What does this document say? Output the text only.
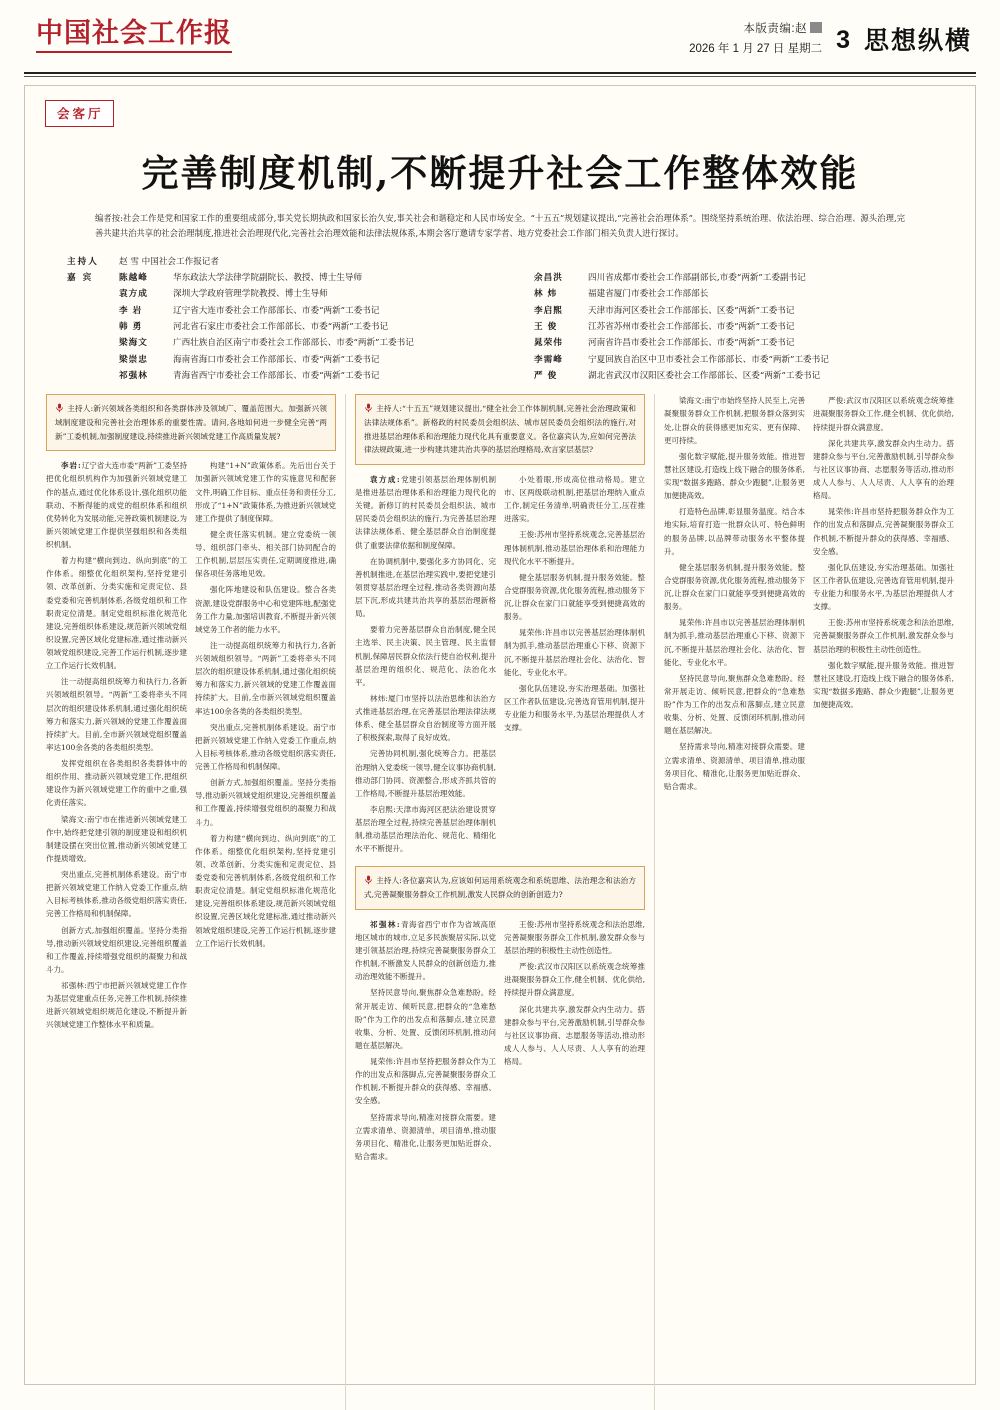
中国社会工作报	本版责编:赵
2026 年 1 月 27 日 星期二 3 思想纵横
会客厅
完善制度机制,不断提升社会工作整体效能
编者按:社会工作是党和国家工作的重要组成部分,事关党长期执政和国家长治久安,事关社会和谐稳定和人民市场安全。“十五五”规划建议提出,“完善社会治理体系”。围绕坚持系统治理、依法治理、综合治理、源头治理,完善共建共治共享的社会治理制度,推进社会治理现代化,完善社会治理效能和法律法规体系,本期会客厅邀请专家学者、地方党委社会工作部门相关负责人进行探讨。
主持人	赵 雪 中国社会工作报记者
嘉 宾	陈越峰	华东政法大学法律学院副院长、教授、博士生导师
袁方成	深圳大学政府管理学院教授、博士生导师
李 岩	辽宁省大连市委社会工作部部长、市委“两新”工委书记
韩 勇	河北省石家庄市委社会工作部部长、市委“两新”工委书记
梁海文	广西壮族自治区南宁市委社会工作部部长、市委“两新”工委书记
梁崇忠	海南省海口市委社会工作部部长、市委“两新”工委书记
祁强林	青海省西宁市委社会工作部部长、市委“两新”工委书记
余昌洪	四川省成都市委社会工作部副部长,市委“两新”工委副书记
林 炜	福建省厦门市委社会工作部部长
李启煕	天津市海河区委社会工作部部长、区委“两新”工委书记
王 俊	江苏省苏州市委社会工作部部长、市委“两新”工委书记
晁荣伟	河南省许昌市委社会工作部部长、市委“两新”工委书记
李需峰	宁夏回族自治区中卫市委社会工作部部长、市委“两新”工委书记
严 俊	湖北省武汉市汉阳区委社会工作部部长、区委“两新”工委书记
主持人:新兴领域各类组织和各类群体涉及领域广、覆盖范围大。加强新兴领域制度建设和完善社会治理体系的重要性需。请问,各地如何进一步健全完善“两新”工委机制,加强制度建设,持续推进新兴领域党建工作高质量发展?

李岩:辽宁省大连市委“两新”工委坚持把优化组织机构作为加强新兴领域党建工作的基点,通过优化体系设计,强化组织功能联动、不断得能的成党的组织体系和组织优势转化为发展动能,完善政策机制建设,为新兴领域党建工作提供坚强组织和各类组织机制。

着力构建“横向到边、纵向到底”的工作体系。细整优化组织架构,坚持党建引领、改革创新、分类实施和定责定位、县委党委和完善机制体系,各级党组织和工作职责定位清楚。制定党组织标准化规范化建设,完善组织体系建设,规范新兴领域党组织设置,完善区域化党建标准,通过推动新兴领域党组织建设,完善工作运行机制,逐步建立工作运行长效机制。

注一动提高组织统筹力和执行力,各新兴领域组织领导。“两新”工委将牵头不同层次的组织建设体系机制,通过强化组织统筹力和落实力,新兴领域的党建工作覆盖面持续扩大。目前,全市新兴领域党组织覆盖率达100余各类的各类组织类型。

发挥党组织在各类组织各类群体中的组织作用、推动新兴领域党建工作,把组织建设作为新兴领域党建工作的重中之重,强化责任落实。

梁海文:南宁市在推进新兴领域党建工作中,始终把党建引领的制度建设和组织机制建设摆在突出位置,推动新兴领域党建工作提质增效。

突出重点,完善机制体系建设。南宁市把新兴领域党建工作纳入党委工作重点,纳入目标考核体系,推动各级党组织落实责任,完善工作格局和机制保障。

创新方式,加强组织覆盖。坚持分类指导,推动新兴领域党组织建设,完善组织覆盖和工作覆盖,持续增强党组织的凝聚力和战斗力。

祁强林:西宁市把新兴领域党建工作作为基层党建重点任务,完善工作机制,持续推进新兴领域党组织规范化建设,不断提升新兴领域党建工作整体水平和质量。

构建“1+N”政策体系。先后出台关于加强新兴领域党建工作的实施意见和配套文件,明确工作目标、重点任务和责任分工,形成了“1+N”政策体系,为推进新兴领域党建工作提供了制度保障。

健全责任落实机制。建立党委统一领导、组织部门牵头、相关部门协同配合的工作机制,层层压实责任,定期调度推进,确保各项任务落地见效。

强化阵地建设和队伍建设。整合各类资源,建设党群服务中心和党建阵地,配强党务工作力量,加强培训教育,不断提升新兴领域党务工作者的能力水平。

注一动提高组织统筹力和执行力,各新兴领域组织领导。“两新”工委将牵头不同层次的组织建设体系机制,通过强化组织统筹力和落实力,新兴领域的党建工作覆盖面持续扩大。目前,全市新兴领域党组织覆盖率达100余各类的各类组织类型。

突出重点,完善机制体系建设。南宁市把新兴领域党建工作纳入党委工作重点,纳入目标考核体系,推动各级党组织落实责任,完善工作格局和机制保障。

创新方式,加强组织覆盖。坚持分类指导,推动新兴领域党组织建设,完善组织覆盖和工作覆盖,持续增强党组织的凝聚力和战斗力。

着力构建“横向到边、纵向到底”的工作体系。细整优化组织架构,坚持党建引领、改革创新、分类实施和定责定位、县委党委和完善机制体系,各级党组织和工作职责定位清楚。制定党组织标准化规范化建设,完善组织体系建设,规范新兴领域党组织设置,完善区域化党建标准,通过推动新兴领域党组织建设,完善工作运行机制,逐步建立工作运行长效机制。

主持人:“十五五”规划建议提出,“健全社会工作体制机制,完善社会治理政策和法律法规体系”。新格政的村民委员会组织法、城市居民委员会组织法的施行,对推进基层治理体系和治理能力现代化具有重要意义。各位嘉宾认为,应如何完善法律法规政策,进一步构建共建共治共享的基层治理格局,欢言家层基层?

袁方成:党建引领基层治理体制机制是推进基层治理体系和治理能力现代化的关键。新修订的村民委员会组织法、城市居民委员会组织法的施行,为完善基层治理法律法规体系、健全基层群众自治制度提供了重要法律依据和制度保障。

在协调机制中,要强化多方协同化、完善机制推进,在基层治理实践中,要把党建引领贯穿基层治理全过程,推动各类资源向基层下沉,形成共建共治共享的基层治理新格局。

要着力完善基层群众自治制度,健全民主选举、民主决策、民主管理、民主监督机制,保障居民群众依法行使自治权利,提升基层治理的组织化、规范化、法治化水平。

林炜:厦门市坚持以法治思维和法治方式推进基层治理,在完善基层治理法律法规体系、健全基层群众自治制度等方面开展了积极探索,取得了良好成效。

完善协同机制,强化统筹合力。把基层治理纳入党委统一领导,健全议事协商机制,推动部门协同、资源整合,形成齐抓共管的工作格局,不断提升基层治理效能。

李启煕:天津市海河区把法治建设贯穿基层治理全过程,持续完善基层治理体制机制,推动基层治理法治化、规范化、精细化水平不断提升。

小处着眼,形成高位推动格局。建立市、区两级联动机制,把基层治理纳入重点工作,制定任务清单,明确责任分工,压茬推进落实。

王俊:苏州市坚持系统观念,完善基层治理体制机制,推动基层治理体系和治理能力现代化水平不断提升。

健全基层服务机制,提升服务效能。整合党群服务资源,优化服务流程,推动服务下沉,让群众在家门口就能享受到便捷高效的服务。

晁荣伟:许昌市以完善基层治理体制机制为抓手,推动基层治理重心下移、资源下沉,不断提升基层治理社会化、法治化、智能化、专业化水平。

强化队伍建设,夯实治理基础。加强社区工作者队伍建设,完善选育管用机制,提升专业能力和服务水平,为基层治理提供人才支撑。

主持人:各位嘉宾认为,应该如何运用系统观念和系统思维、法治理念和法治方式,完善凝聚服务群众工作机制,激发人民群众的创新创造力?

祁强林:青海省西宁市作为省域高原地区城市的城市,立足多民族聚居实际,以党建引领基层治理,持续完善凝聚服务群众工作机制,不断激发人民群众的创新创造力,推动治理效能不断提升。

坚持民意导向,聚焦群众急难愁盼。经常开展走访、倾听民意,把群众的“急难愁盼”作为工作的出发点和落脚点,建立民意收集、分析、处置、反馈闭环机制,推动问题在基层解决。

晁荣伟:许昌市坚持把服务群众作为工作的出发点和落脚点,完善凝聚服务群众工作机制,不断提升群众的获得感、幸福感、安全感。

坚持需求导向,精准对接群众需要。建立需求清单、资源清单、项目清单,推动服务项目化、精准化,让服务更加贴近群众、贴合需求。

王俊:苏州市坚持系统观念和法治思维,完善凝聚服务群众工作机制,激发群众参与基层治理的积极性主动性创造性。

严俊:武汉市汉阳区以系统观念统筹推进凝聚服务群众工作,健全机制、优化供给,持续提升群众满意度。

深化共建共享,激发群众内生动力。搭建群众参与平台,完善激励机制,引导群众参与社区议事协商、志愿服务等活动,推动形成人人参与、人人尽责、人人享有的治理格局。

梁海文:南宁市始终坚持人民至上,完善凝聚服务群众工作机制,把服务群众落到实处,让群众的获得感更加充实、更有保障、更可持续。

强化数字赋能,提升服务效能。推进智慧社区建设,打造线上线下融合的服务体系,实现“数据多跑路、群众少跑腿”,让服务更加便捷高效。

打造特色品牌,彰显服务温度。结合本地实际,培育打造一批群众认可、特色鲜明的服务品牌,以品牌带动服务水平整体提升。

健全基层服务机制,提升服务效能。整合党群服务资源,优化服务流程,推动服务下沉,让群众在家门口就能享受到便捷高效的服务。

晁荣伟:许昌市以完善基层治理体制机制为抓手,推动基层治理重心下移、资源下沉,不断提升基层治理社会化、法治化、智能化、专业化水平。

坚持民意导向,聚焦群众急难愁盼。经常开展走访、倾听民意,把群众的“急难愁盼”作为工作的出发点和落脚点,建立民意收集、分析、处置、反馈闭环机制,推动问题在基层解决。

坚持需求导向,精准对接群众需要。建立需求清单、资源清单、项目清单,推动服务项目化、精准化,让服务更加贴近群众、贴合需求。

严俊:武汉市汉阳区以系统观念统筹推进凝聚服务群众工作,健全机制、优化供给,持续提升群众满意度。

深化共建共享,激发群众内生动力。搭建群众参与平台,完善激励机制,引导群众参与社区议事协商、志愿服务等活动,推动形成人人参与、人人尽责、人人享有的治理格局。

晁荣伟:许昌市坚持把服务群众作为工作的出发点和落脚点,完善凝聚服务群众工作机制,不断提升群众的获得感、幸福感、安全感。

强化队伍建设,夯实治理基础。加强社区工作者队伍建设,完善选育管用机制,提升专业能力和服务水平,为基层治理提供人才支撑。

王俊:苏州市坚持系统观念和法治思维,完善凝聚服务群众工作机制,激发群众参与基层治理的积极性主动性创造性。

强化数字赋能,提升服务效能。推进智慧社区建设,打造线上线下融合的服务体系,实现“数据多跑路、群众少跑腿”,让服务更加便捷高效。
